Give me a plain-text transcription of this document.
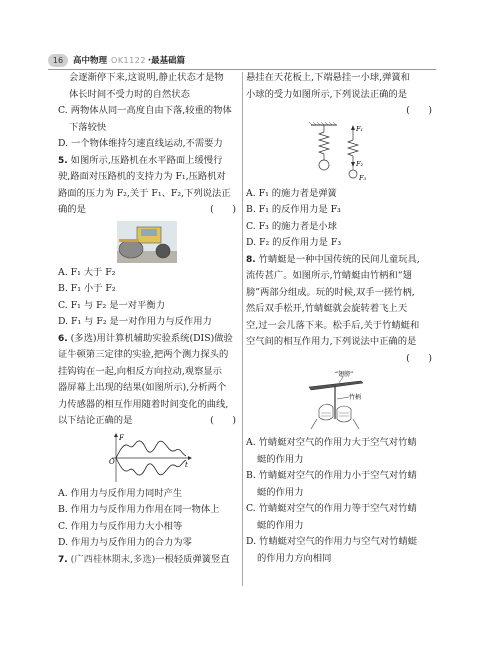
16	高中物理 OK1122 ·最基础篇

会逐渐停下来,这说明,静止状态才是物

体长时间不受力时的自然状态

C. 两物体从同一高度自由下落,较重的物体

下落较快

D. 一个物体维持匀速直线运动,不需要力

5. 如图所示,压路机在水平路面上缓慢行

驶,路面对压路机的支持力为 F₁,压路机对

路面的压力为 F₂,关于 F₁、F₂,下列说法正

确的是	(　　)

A. F₁ 大于 F₂

B. F₁ 小于 F₂

C. F₁ 与 F₂ 是一对平衡力

D. F₁ 与 F₂ 是一对作用力与反作用力

6. (多选)用计算机辅助实验系统(DIS)做验

证牛顿第三定律的实验,把两个测力探头的

挂钩钩在一起,向相反方向拉动,观察显示

器屏幕上出现的结果(如图所示),分析两个

力传感器的相互作用随着时间变化的曲线,

以下结论正确的是	(　　)

F
t
O

A. 作用力与反作用力同时产生

B. 作用力与反作用力作用在同一物体上

C. 作用力与反作用力大小相等

D. 作用力与反作用力的合力为零

7. (广西桂林期末,多选)一根轻质弹簧竖直

悬挂在天花板上,下端悬挂一小球,弹簧和

小球的受力如图所示,下列说法正确的是

(　　)

F₁
F₂
F₃

A. F₁ 的施力者是弹簧

B. F₁ 的反作用力是 F₃

C. F₃ 的施力者是小球

D. F₂ 的反作用力是 F₃

8. 竹蜻蜓是一种中国传统的民间儿童玩具,

流传甚广。如图所示,竹蜻蜓由竹柄和“翅

膀”两部分组成。玩的时候,双手一搓竹柄,

然后双手松开,竹蜻蜓就会旋转着飞上天

空,过一会儿落下来。松手后,关于竹蜻蜓和

空气间的相互作用力,下列说法中正确的是

(　　)

“翅膀”
竹柄

A. 竹蜻蜓对空气的作用力大于空气对竹蜻

蜓的作用力

B. 竹蜻蜓对空气的作用力小于空气对竹蜻

蜓的作用力

C. 竹蜻蜓对空气的作用力等于空气对竹蜻

蜓的作用力

D. 竹蜻蜓对空气的作用力与空气对竹蜻蜓

的作用力方向相同
